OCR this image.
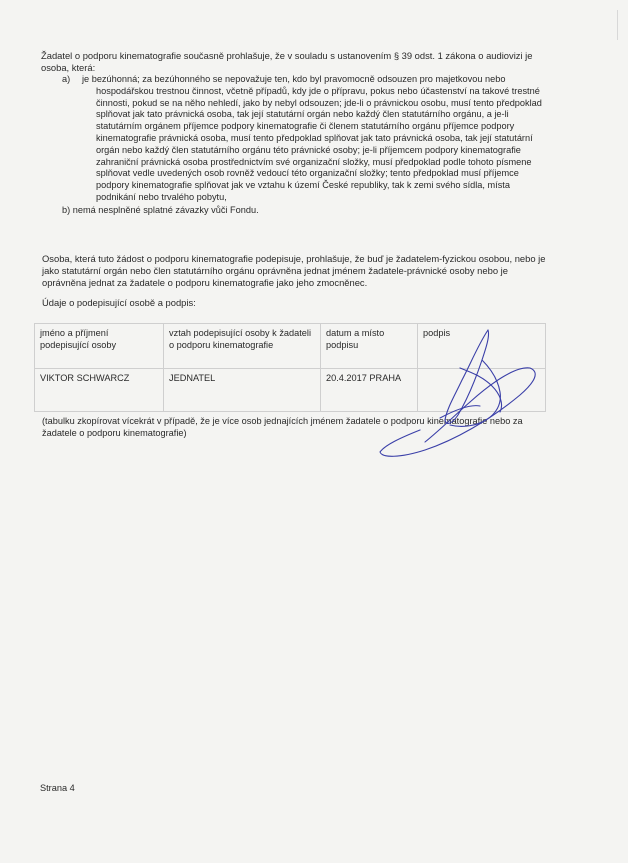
Žadatel o podporu kinematografie současně prohlašuje, že v souladu s ustanovením § 39 odst. 1 zákona o audiovizi je osoba, která:
a) je bezúhonná; za bezúhonného se nepovažuje ten, kdo byl pravomocně odsouzen pro majetkovou nebo
hospodářskou trestnou činnost, včetně případů, kdy jde o přípravu, pokus nebo účastenství na takové trestné činnosti, pokud se na něho nehledí, jako by nebyl odsouzen; jde-li o právnickou osobu, musí tento předpoklad splňovat jak tato právnická osoba, tak její statutární orgán nebo každý člen statutárního orgánu, a je-li statutárním orgánem příjemce podpory kinematografie či členem statutárního orgánu příjemce podpory kinematografie právnická osoba, musí tento předpoklad splňovat jak tato právnická osoba, tak její statutární orgán nebo každý člen statutárního orgánu této právnické osoby; je-li příjemcem podpory kinematografie zahraniční právnická osoba prostřednictvím své organizační složky, musí předpoklad podle tohoto písmene splňovat vedle uvedených osob rovněž vedoucí této organizační složky; tento předpoklad musí příjemce podpory kinematografie splňovat jak ve vztahu k území České republiky, tak k zemi svého sídla, místa podnikání nebo trvalého pobytu,
b) nemá nesplněné splatné závazky vůči Fondu.
Osoba, která tuto žádost o podporu kinematografie podepisuje, prohlašuje, že buď je žadatelem-fyzickou osobou, nebo je jako statutární orgán nebo člen statutárního orgánu oprávněna jednat jménem žadatele-právnické osoby nebo je oprávněna jednat za žadatele o podporu kinematografie jako jeho zmocněnec.
Údaje o podepisující osobě a podpis:
jméno a příjmení podepisující osoby	vztah podepisující osoby k žadateli o podporu kinematografie	datum a místo podpisu	podpis
VIKTOR SCHWARCZ	JEDNATEL	20.4.2017 PRAHA	
(tabulku zkopírovat vícekrát v případě, že je více osob jednajících jménem žadatele o podporu kinematografie nebo za žadatele o podporu kinematografie)
Strana 4
